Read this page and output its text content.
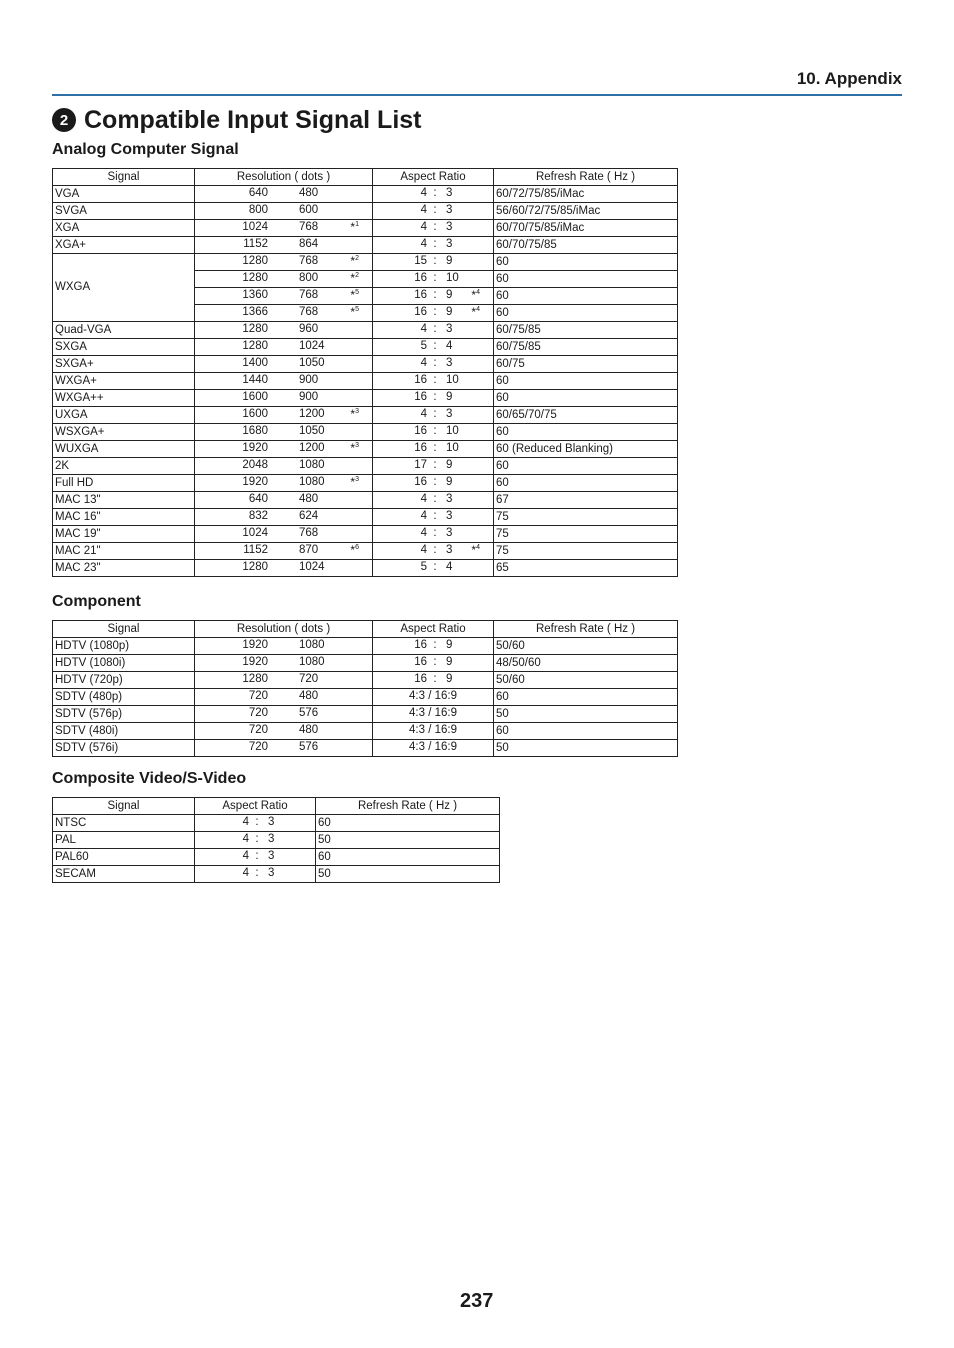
10. Appendix
2 Compatible Input Signal List
Analog Computer Signal
Signal	Resolution ( dots )	Aspect Ratio	Refresh Rate ( Hz )
VGA	640 480	4 : 3	60/72/75/85/iMac
SVGA	800 600	4 : 3	56/60/72/75/85/iMac
XGA	1024 768 *$^1$	4 : 3	60/70/75/85/iMac
XGA+	1152 864	4 : 3	60/70/75/85
WXGA	1280 768 *$^2$	15 : 9	60

	1280 800 *$^2$	16 : 10	60

	1360 768 *$^5$	16 : 9 *$^4$	60

	1366 768 *$^5$	16 : 9 *$^4$	60
Quad-VGA	1280 960	4 : 3	60/75/85
SXGA	1280 1024	5 : 4	60/75/85
SXGA+	1400 1050	4 : 3	60/75
WXGA+	1440 900	16 : 10	60
WXGA++	1600 900	16 : 9	60
UXGA	1600 1200 *$^3$	4 : 3	60/65/70/75
WSXGA+	1680 1050	16 : 10	60
WUXGA	1920 1200 *$^3$	16 : 10	60 (Reduced Blanking)
2K	2048 1080	17 : 9	60
Full HD	1920 1080 *$^3$	16 : 9	60
MAC 13"	640 480	4 : 3	67
MAC 16"	832 624	4 : 3	75
MAC 19"	1024 768	4 : 3	75
MAC 21"	1152 870 *$^6$	4 : 3 *$^4$	75
MAC 23"	1280 1024	5 : 4	65
Component
Signal	Resolution ( dots )	Aspect Ratio	Refresh Rate ( Hz )
HDTV (1080p)	1920 1080	16 : 9	50/60
HDTV (1080i)	1920 1080	16 : 9	48/50/60
HDTV (720p)	1280 720	16 : 9	50/60
SDTV (480p)	720 480	4:3 / 16:9	60
SDTV (576p)	720 576	4:3 / 16:9	50
SDTV (480i)	720 480	4:3 / 16:9	60
SDTV (576i)	720 576	4:3 / 16:9	50
Composite Video/S-Video
Signal	Aspect Ratio	Refresh Rate ( Hz )
NTSC	4 : 3	60
PAL	4 : 3	50
PAL60	4 : 3	60
SECAM	4 : 3	50
237
